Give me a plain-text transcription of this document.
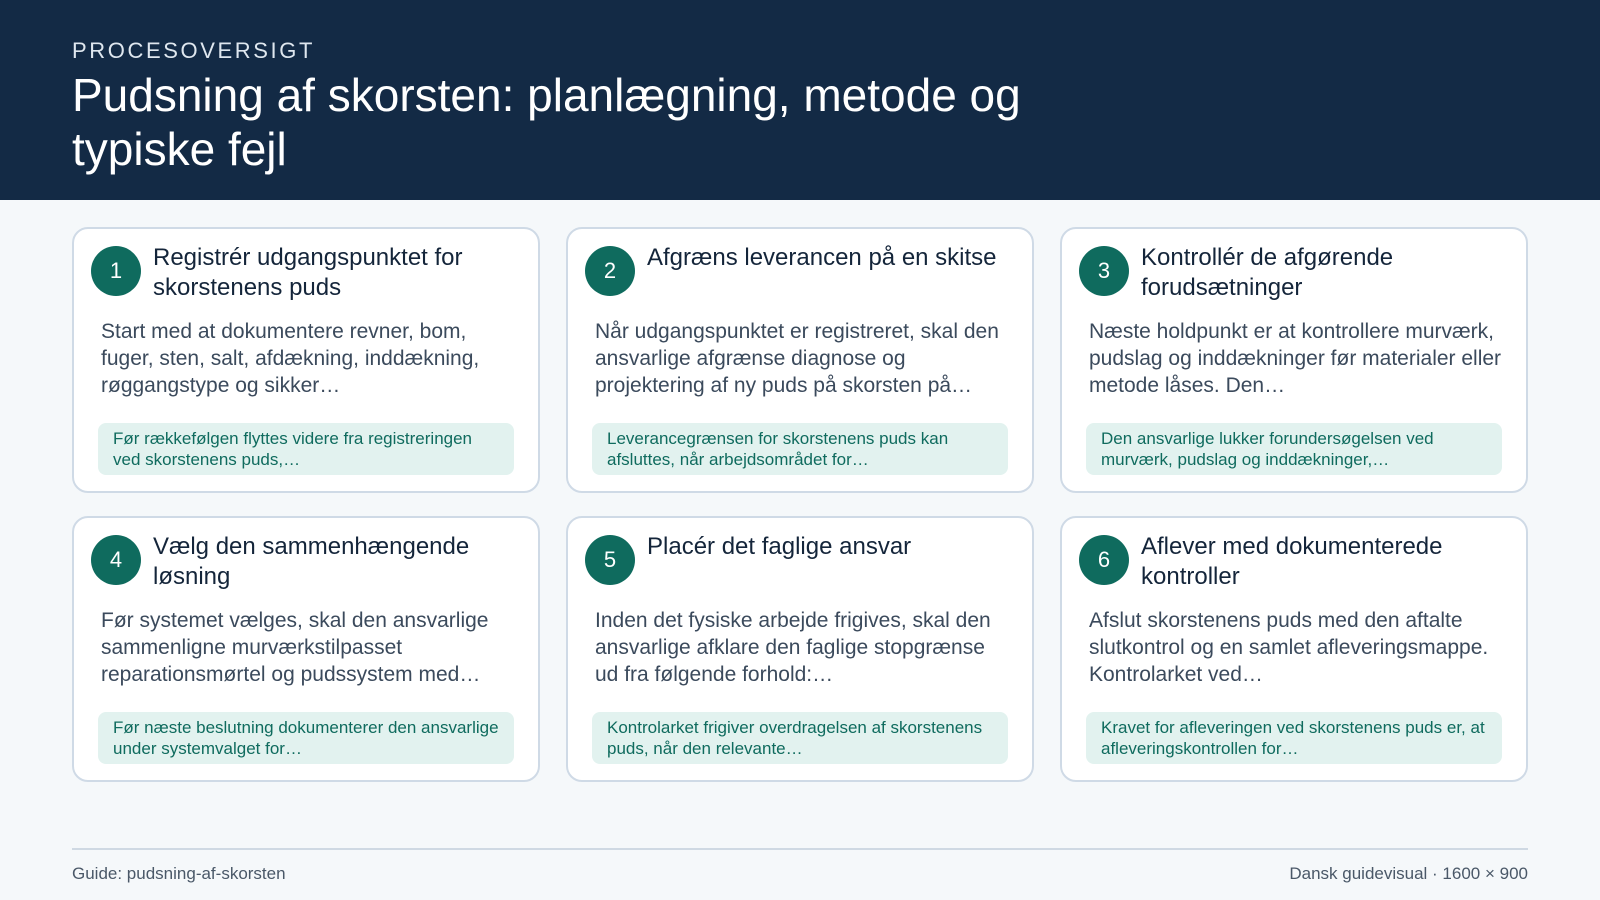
PROCESOVERSIGT
Pudsning af skorsten: planlægning, metode og typiske fejl
1	Registrér udgangspunktet for skorstenens puds
Start med at dokumentere revner, bom, fuger, sten, salt, afdækning, inddækning, røggangstype og sikker…
Før rækkefølgen flyttes videre fra registreringen ved skorstenens puds,…
2	Afgræns leverancen på en skitse
Når udgangspunktet er registreret, skal den ansvarlige afgrænse diagnose og projektering af ny puds på skorsten på…
Leverancegrænsen for skorstenens puds kan afsluttes, når arbejdsområdet for…
3	Kontrollér de afgørende forudsætninger
Næste holdpunkt er at kontrollere murværk, pudslag og inddækninger før materialer eller metode låses. Den…
Den ansvarlige lukker forundersøgelsen ved murværk, pudslag og inddækninger,…
4	Vælg den sammenhængende løsning
Før systemet vælges, skal den ansvarlige sammenligne murværkstilpasset reparationsmørtel og pudssystem med…
Før næste beslutning dokumenterer den ansvarlige under systemvalget for…
5	Placér det faglige ansvar
Inden det fysiske arbejde frigives, skal den ansvarlige afklare den faglige stopgrænse ud fra følgende forhold:…
Kontrolarket frigiver overdragelsen af skorstenens puds, når den relevante…
6	Aflever med dokumenterede kontroller
Afslut skorstenens puds med den aftalte slutkontrol og en samlet afleveringsmappe. Kontrolarket ved…
Kravet for afleveringen ved skorstenens puds er, at afleveringskontrollen for…
Guide: pudsning-af-skorsten	Dansk guidevisual · 1600 × 900
